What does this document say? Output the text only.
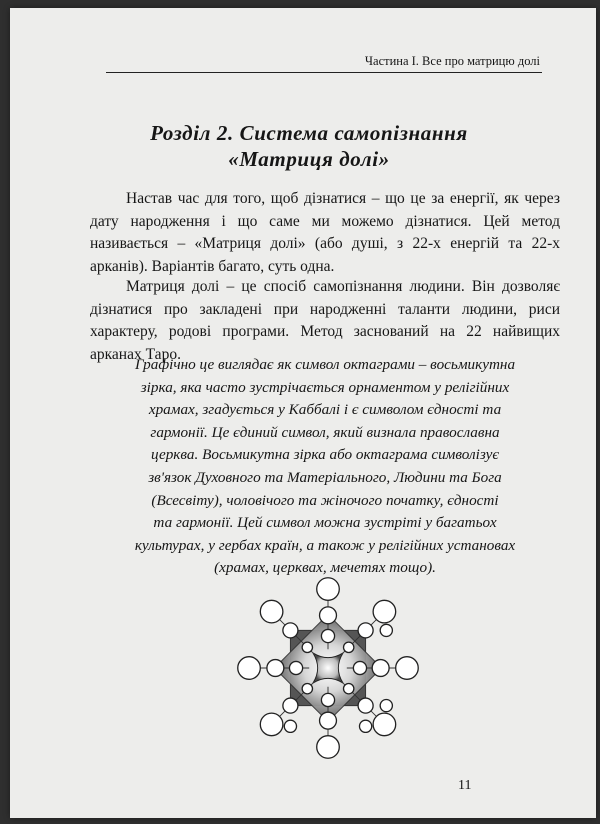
Частина I. Все про матрицю долі
Розділ 2. Система самопізнання
«Матриця долі»

Настав час для того, щоб дізнатися – що це за енергії, як через дату народження і що саме ми можемо дізнатися. Цей метод називається – «Матриця долі» (або душі, з 22-х енергій та 22-х арканів). Варіантів багато, суть одна.

Матриця долі – це спосіб самопізнання людини. Він дозволяє дізнатися про закладені при народженні таланти людини, риси характеру, родові програми. Метод заснований на 22 найвищих арканах Таро.

Графічно це виглядає як символ октаграми – восьмикутна
зірка, яка часто зустрічається орнаментом у релігійних
храмах, згадується у Каббалі і є символом єдності та
гармонії. Це єдиний символ, який визнала православна
церква. Восьмикутна зірка або октаграма символізує
зв'язок Духовного та Матеріального, Людини та Бога
(Всесвіту), чоловічого та жіночого початку, єдності
та гармонії. Цей символ можна зустріті у багатьох
культурах, у гербах країн, а також у релігійних установах
(храмах, церквах, мечетях тощо).
11
